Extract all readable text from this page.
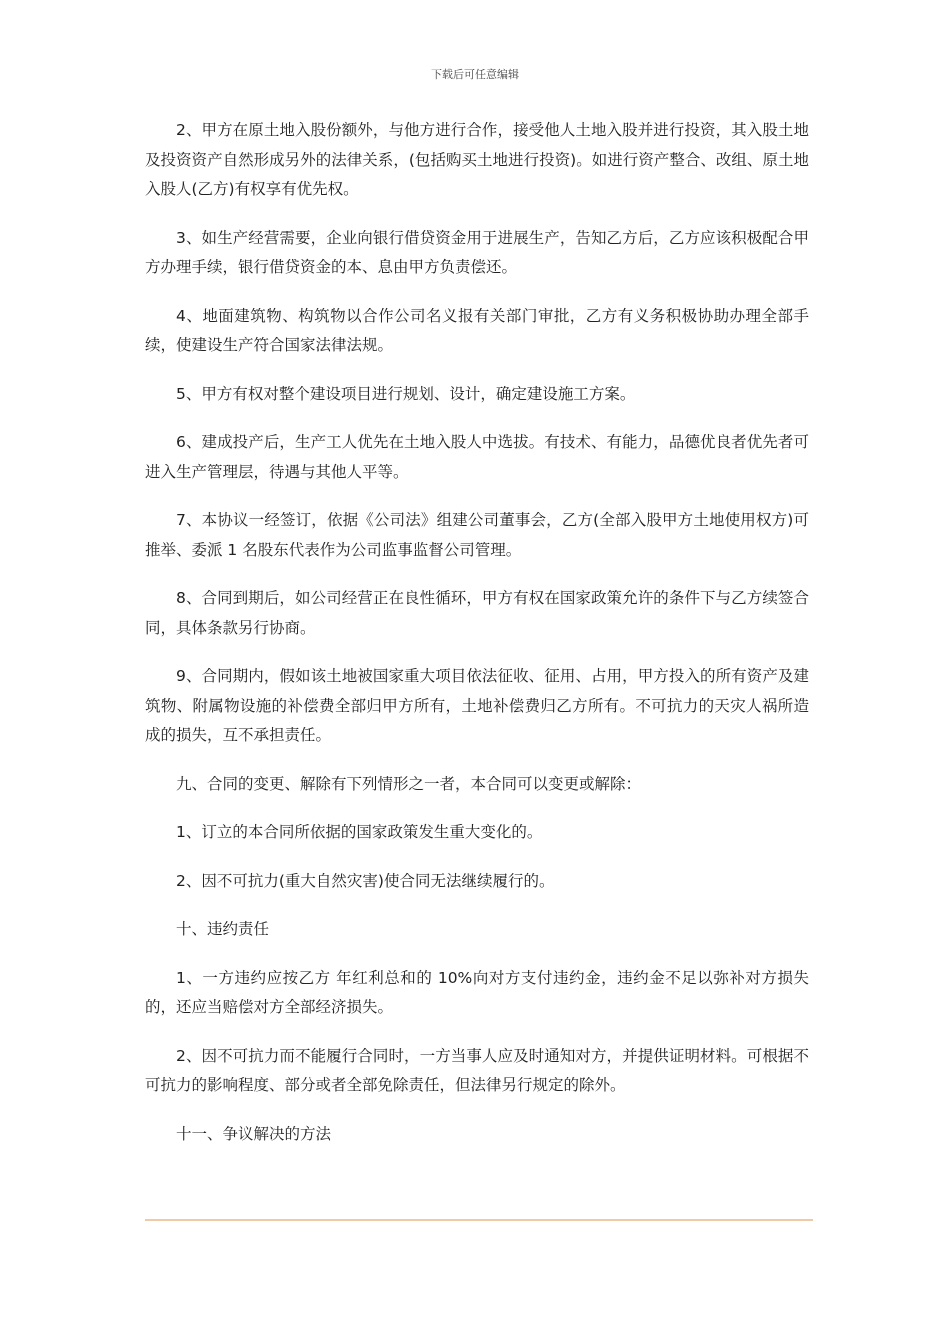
下载后可任意编辑

2、甲方在原土地入股份额外，与他方进行合作，接受他人土地入股并进行投资，其入股土地及投资资产自然形成另外的法律关系，(包括购买土地进行投资)。如进行资产整合、改组、原土地入股人(乙方)有权享有优先权。

3、如生产经营需要，企业向银行借贷资金用于进展生产，告知乙方后，乙方应该积极配合甲方办理手续，银行借贷资金的本、息由甲方负责偿还。

4、地面建筑物、构筑物以合作公司名义报有关部门审批，乙方有义务积极协助办理全部手续，使建设生产符合国家法律法规。

5、甲方有权对整个建设项目进行规划、设计，确定建设施工方案。

6、建成投产后，生产工人优先在土地入股人中选拔。有技术、有能力，品德优良者优先者可进入生产管理层，待遇与其他人平等。

7、本协议一经签订，依据《公司法》组建公司董事会，乙方(全部入股甲方土地使用权方)可推举、委派 1 名股东代表作为公司监事监督公司管理。

8、合同到期后，如公司经营正在良性循环，甲方有权在国家政策允许的条件下与乙方续签合同，具体条款另行协商。

9、合同期内，假如该土地被国家重大项目依法征收、征用、占用，甲方投入的所有资产及建筑物、附属物设施的补偿费全部归甲方所有，土地补偿费归乙方所有。不可抗力的天灾人祸所造成的损失，互不承担责任。

九、合同的变更、解除有下列情形之一者，本合同可以变更或解除：

1、订立的本合同所依据的国家政策发生重大变化的。

2、因不可抗力(重大自然灾害)使合同无法继续履行的。

十、违约责任

1、一方违约应按乙方 年红利总和的 10%向对方支付违约金，违约金不足以弥补对方损失的，还应当赔偿对方全部经济损失。

2、因不可抗力而不能履行合同时，一方当事人应及时通知对方，并提供证明材料。可根据不可抗力的影响程度、部分或者全部免除责任，但法律另行规定的除外。

十一、争议解决的方法
